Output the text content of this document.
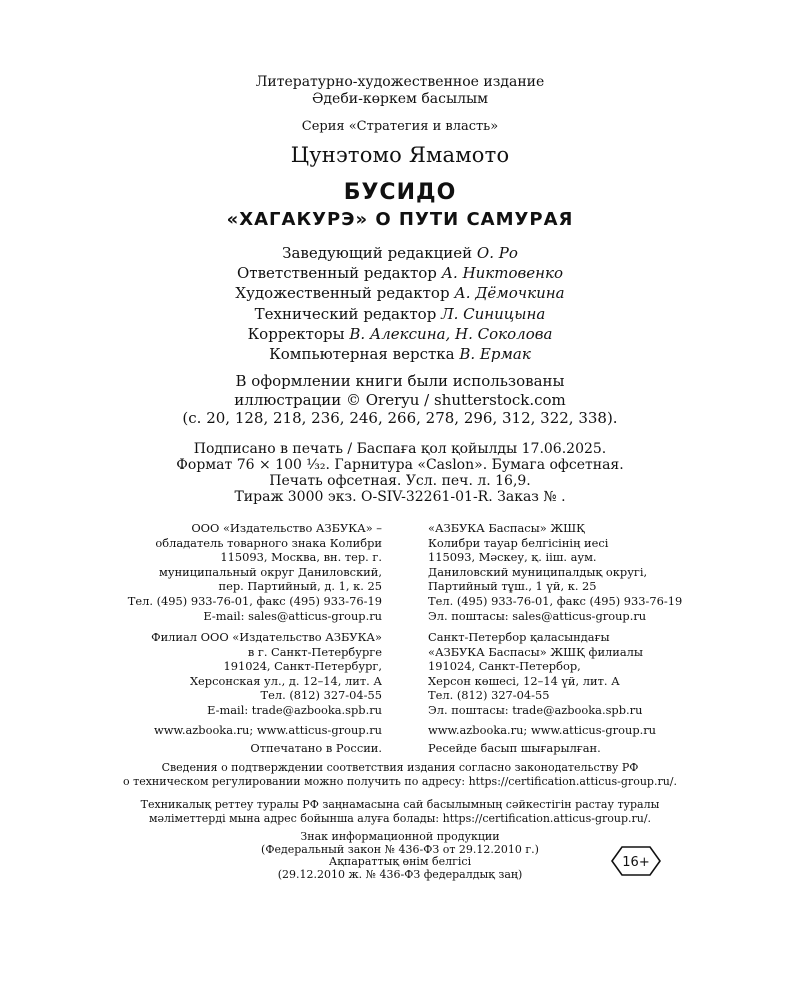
Литературно-художественное издание
Әдеби-көркем басылым
Серия «Стратегия и власть»
Цунэтомо Ямамото
БУСИДО
«ХАГАКУРЭ» О ПУТИ САМУРАЯ
Заведующий редакцией О. Ро
Ответственный редактор А. Никтовенко
Художественный редактор А. Дёмочкина
Технический редактор Л. Синицына
Корректоры В. Алексина, Н. Соколова
Компьютерная верстка В. Ермак
В оформлении книги были использованы
иллюстрации © Oreryu / shutterstock.com
(с. 20, 128, 218, 236, 246, 266, 278, 296, 312, 322, 338).
Подписано в печать / Баспаға қол қойылды 17.06.2025.
Формат 76 × 100 ¹⁄₃₂. Гарнитура «Caslon». Бумага офсетная.
Печать офсетная. Усл. печ. л. 16,9.
Тираж 3000 экз. О-SIV-32261-01-R. Заказ № .
ООО «Издательство АЗБУКА» –
обладатель товарного знака Колибри
115093, Москва, вн. тер. г.
муниципальный округ Даниловский,
пер. Партийный, д. 1, к. 25
Тел. (495) 933-76-01, факс (495) 933-76-19
E-mail: sales@atticus-group.ru
«АЗБУКА Баспасы» ЖШҚ
Колибри тауар белгісінің иесі
115093, Мәскеу, қ. ііш. аум.
Даниловский муниципалдық округі,
Партийный тұш., 1 үй, к. 25
Тел. (495) 933-76-01, факс (495) 933-76-19
Эл. поштасы: sales@atticus-group.ru
Филиал ООО «Издательство АЗБУКА»
в г. Санкт-Петербурге
191024, Санкт-Петербург,
Херсонская ул., д. 12–14, лит. А
Тел. (812) 327-04-55
E-mail: trade@azbooka.spb.ru
Санкт-Петербор қаласындағы
«АЗБУКА Баспасы» ЖШҚ филиалы
191024, Санкт-Петербор,
Херсон көшесі, 12–14 үй, лит. А
Тел. (812) 327-04-55
Эл. поштасы: trade@azbooka.spb.ru
www.azbooka.ru; www.atticus-group.ru	www.azbooka.ru; www.atticus-group.ru
Отпечатано в России.	Ресейде басып шығарылған.
Сведения о подтверждении соответствия издания согласно законодательству РФ
о техническом регулировании можно получить по адресу: https://certification.atticus-group.ru/.
Техникалық реттеу туралы РФ заңнамасына сай басылымның сәйкестігін растау туралы
мәліметтерді мына адрес бойынша алуға болады: https://certification.atticus-group.ru/.
Знак информационной продукции
(Федеральный закон № 436-ФЗ от 29.12.2010 г.)
Ақпараттық өнім белгісі
(29.12.2010 ж. № 436-ФЗ федералдық заң)
16+
